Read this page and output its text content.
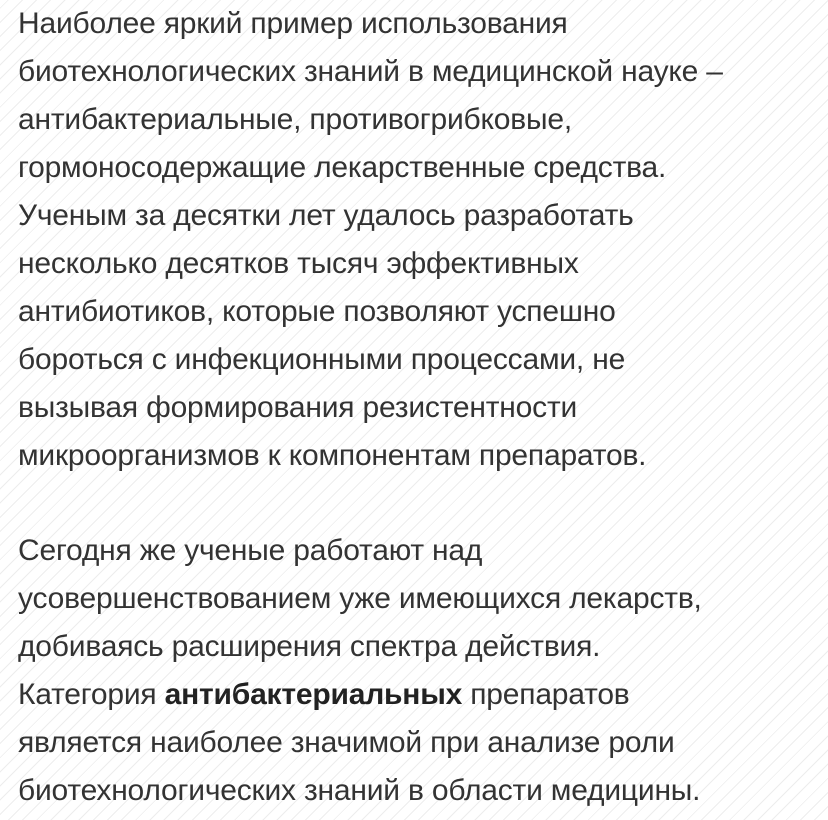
Наиболее яркий пример использования
биотехнологических знаний в медицинской науке –
антибактериальные, противогрибковые,
гормоносодержащие лекарственные средства.
Ученым за десятки лет удалось разработать
несколько десятков тысяч эффективных
антибиотиков, которые позволяют успешно
бороться с инфекционными процессами, не
вызывая формирования резистентности
микроорганизмов к компонентам препаратов.

Сегодня же ученые работают над
усовершенствованием уже имеющихся лекарств,
добиваясь расширения спектра действия.
Категория антибактериальных препаратов
является наиболее значимой при анализе роли
биотехнологических знаний в области медицины.
